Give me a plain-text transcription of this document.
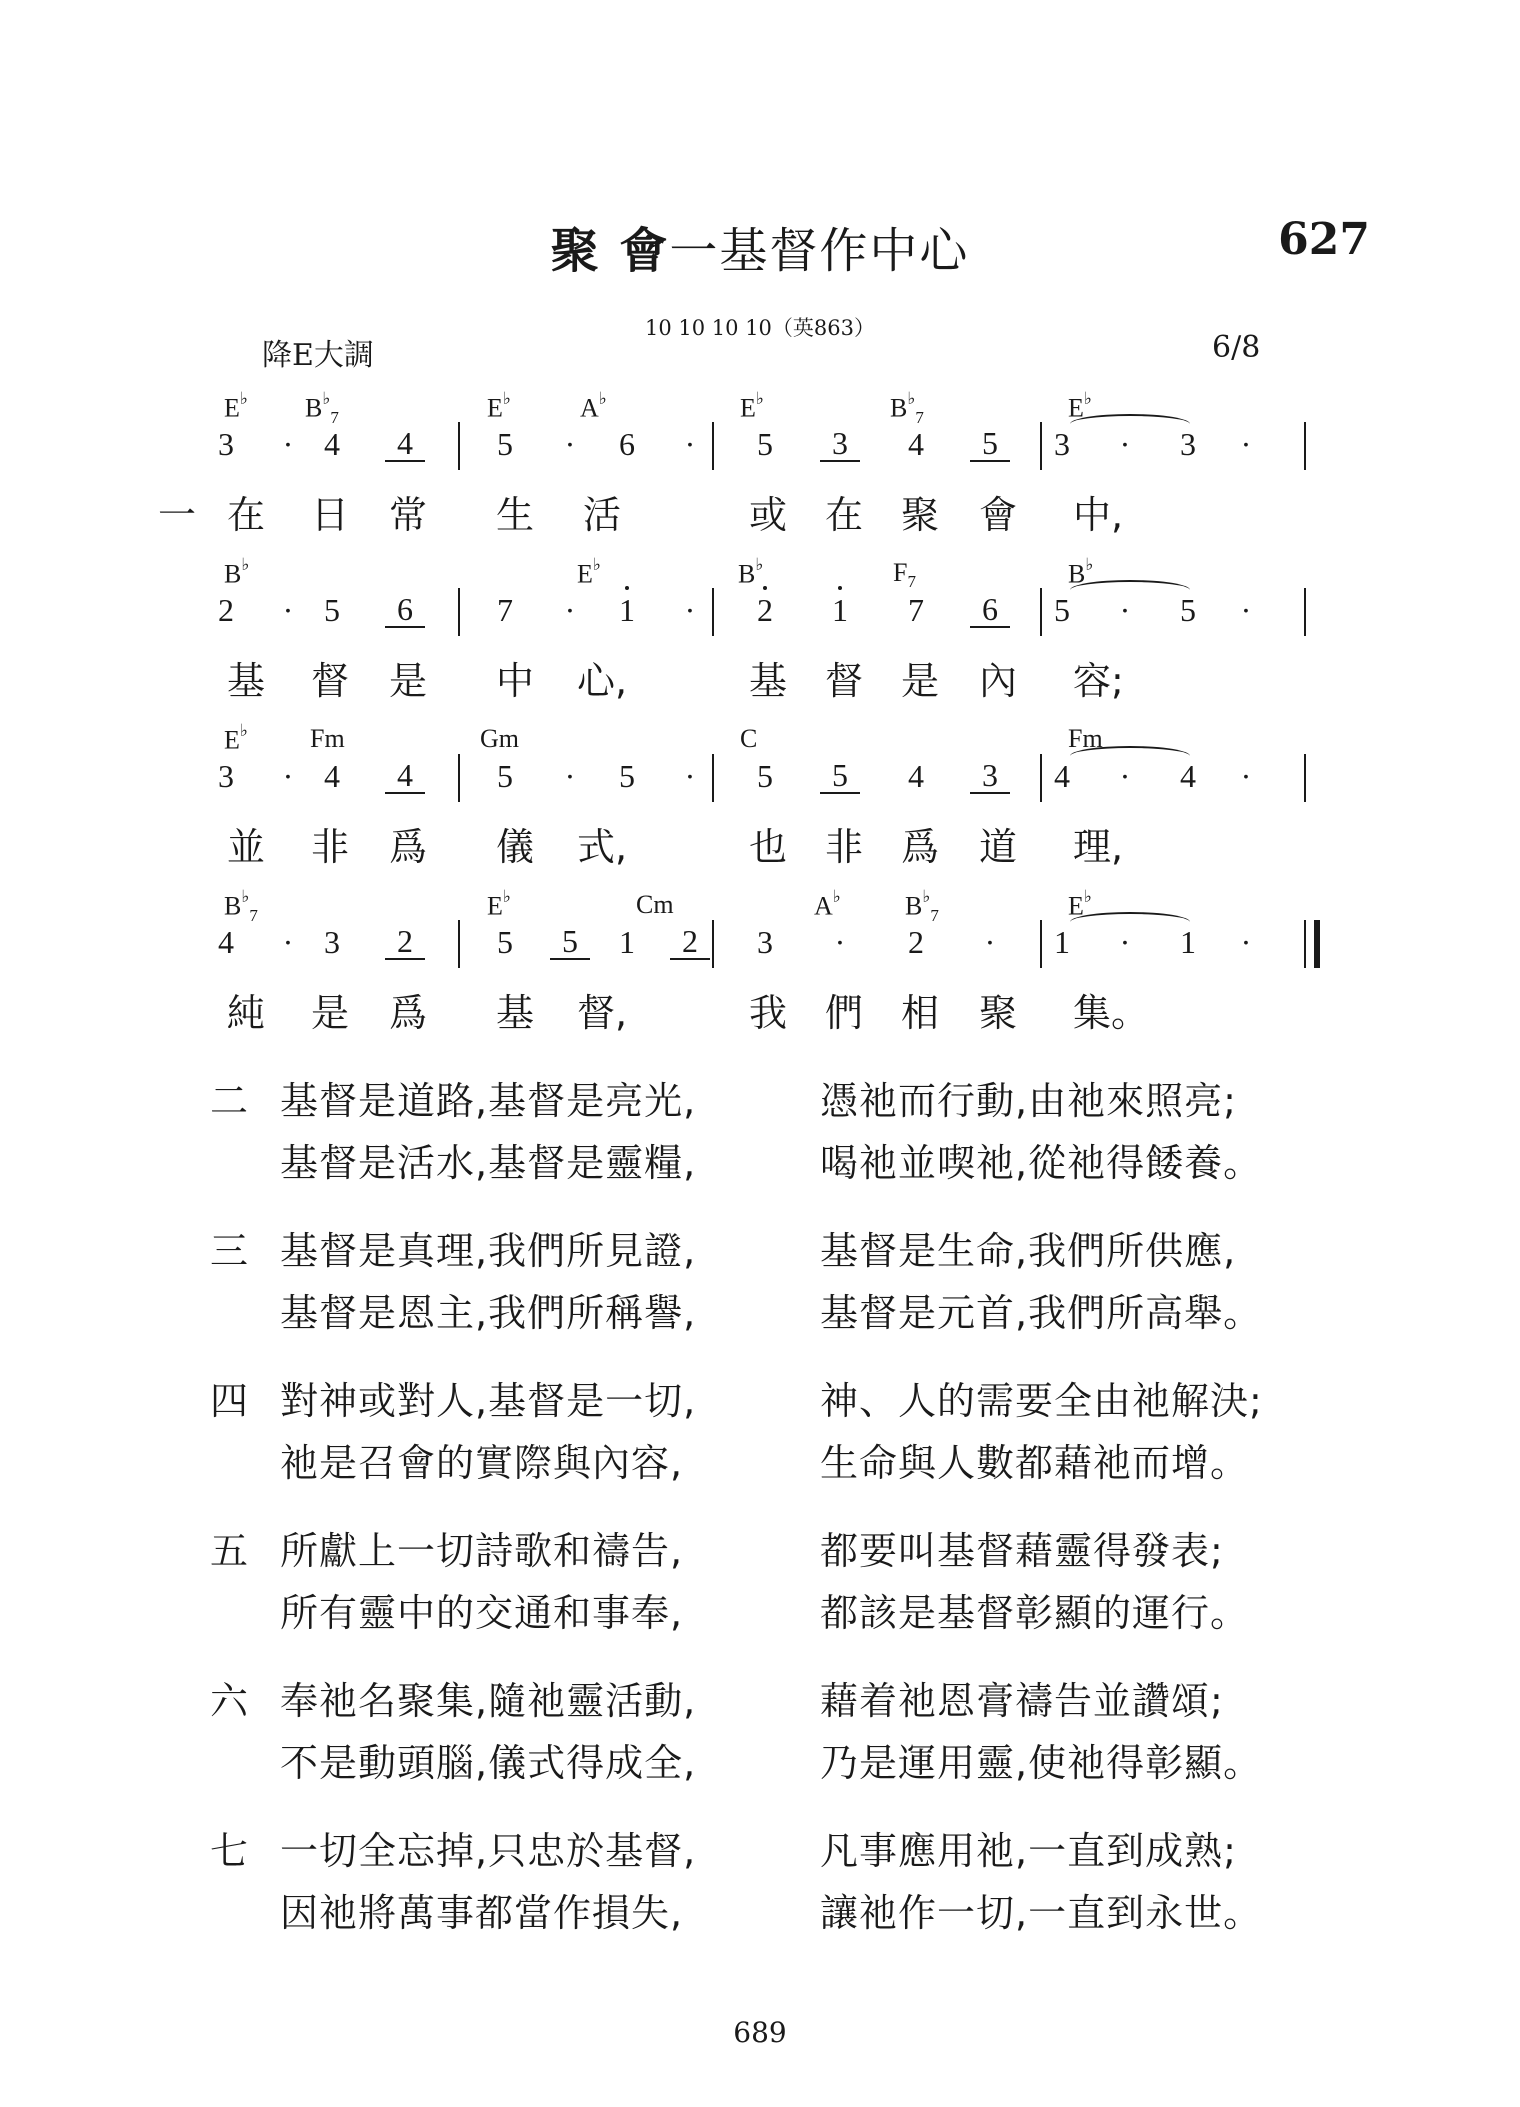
聚 會一基督作中心	627
10 10 10 10（英863）
降E大調	6/8
E♭ $B^♭_7$	E♭	A♭	E♭	$B^♭_7$	E♭
3	· 4	4	5	·	6	·	5	3	4	5	3	·	3	·
一 在 日 常 生 活	或 在 聚 會 中,
B♭	E♭	B♭	$F_7$	B♭
2	· 5	6	7	·	1	·	2	1	7	6	5	·	5	·
基 督 是 中 心,	基 督 是 內 容;
E♭ Fm	Gm	C	Fm
3	· 4	4	5	·	5	·	5	5	4	3	4	·	4	·
並 非 爲 儀 式,	也 非 爲 道 理,
$B^♭_7$	E♭	Cm	A♭ $B^♭_7$	E♭
4	· 3	2	5	5	1	2	3	·	2	·	1	·	1	·
純 是 爲 基 督,	我 們 相 聚 集。
二 基督是道路,基督是亮光,	憑祂而行動,由祂來照亮;
基督是活水,基督是靈糧,	喝祂並喫祂,從祂得餧養。
三 基督是真理,我們所見證,	基督是生命,我們所供應,
基督是恩主,我們所稱譽,	基督是元首,我們所高舉。
四 對神或對人,基督是一切,	神、人的需要全由祂解決;
祂是召會的實際與內容,	生命與人數都藉祂而增。
五 所獻上一切詩歌和禱告,	都要叫基督藉靈得發表;
所有靈中的交通和事奉,	都該是基督彰顯的運行。
六 奉祂名聚集,隨祂靈活動,	藉着祂恩膏禱告並讚頌;
不是動頭腦,儀式得成全,	乃是運用靈,使祂得彰顯。
七 一切全忘掉,只忠於基督,	凡事應用祂,一直到成熟;
因祂將萬事都當作損失,	讓祂作一切,一直到永世。
689
